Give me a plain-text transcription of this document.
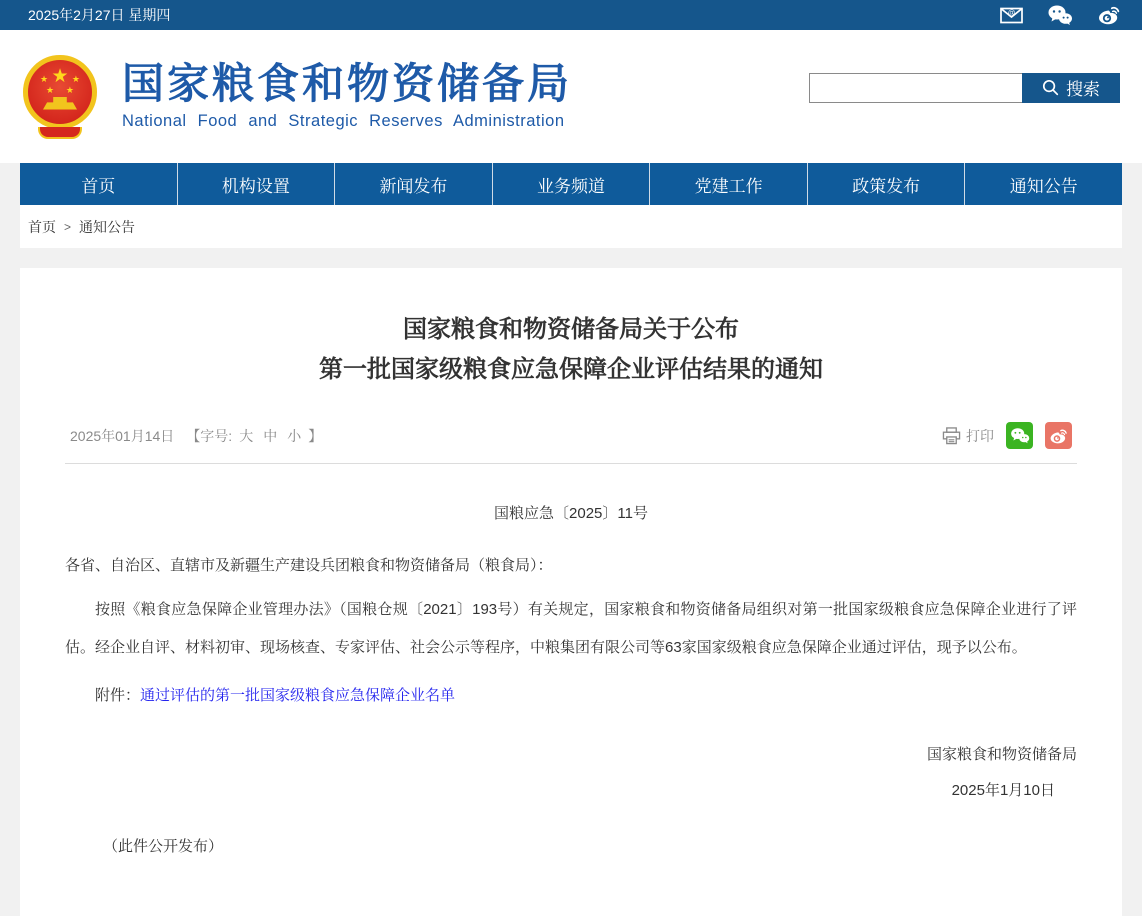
2025年2月27日 星期四	@
★
★	★
★ ★ 国家粮食和物资储备局
National Food and Strategic Reserves Administration
搜索
首页	机构设置	新闻发布	业务频道	党建工作	政策发布	通知公告
首页 > 通知公告
国家粮食和物资储备局关于公布
第一批国家级粮食应急保障企业评估结果的通知
2025年01月14日 【字号: 大 中 小 】	打印
国粮应急〔2025〕11号
各省、自治区、直辖市及新疆生产建设兵团粮食和物资储备局（粮食局）：

按照《粮食应急保障企业管理办法》（国粮仓规〔2021〕193号）有关规定，国家粮食和物资储备局组织对第一批国家级粮食应急保障企业进行了评估。经企业自评、材料初审、现场核查、专家评估、社会公示等程序，中粮集团有限公司等63家国家级粮食应急保障企业通过评估，现予以公布。

附件：通过评估的第一批国家级粮食应急保障企业名单
国家粮食和物资储备局
2025年1月10日
（此件公开发布）
